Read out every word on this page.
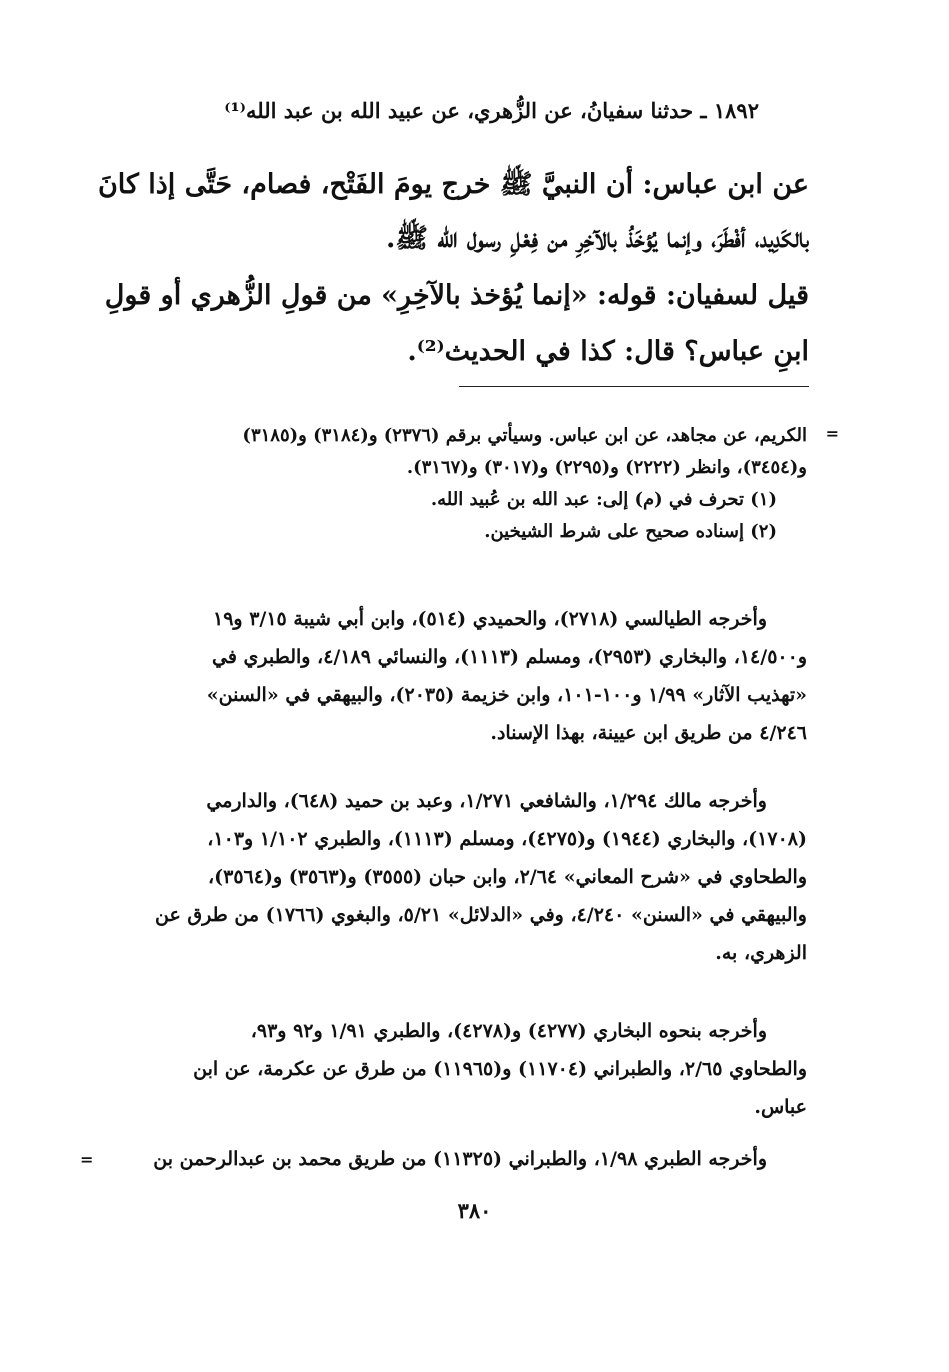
١٨٩٢ ـ حدثنا سفيانُ، عن الزُّهري، عن عبيد الله بن عبد الله⁽¹⁾
عن ابن عباس: أن النبيَّ ﷺ خرج يومَ الفَتْح، فصام، حَتَّى إذا كانَ
بالكَدِيد، أفْطَرَ، وإنما يُؤخَذُ بالآخِرِ من فِعْلِ رسول الله ﷺ.
قيل لسفيان: قوله: «إنما يُؤخذ بالآخِرِ» من قولِ الزُّهري أو قولِ
ابنِ عباس؟ قال: كذا في الحديث⁽²⁾.
=
الكريم، عن مجاهد، عن ابن عباس. وسيأتي برقم (٢٣٧٦) و(٣١٨٤) و(٣١٨٥)
و(٣٤٥٤)، وانظر (٢٢٢٢) و(٢٢٩٥) و(٣٠١٧) و(٣١٦٧).
(١) تحرف في (م) إلى: عبد الله بن عُبيد الله.
(٢) إسناده صحيح على شرط الشيخين.
وأخرجه الطيالسي (٢٧١٨)، والحميدي (٥١٤)، وابن أبي شيبة ٣/١٥ و١٩
و١٤/٥٠٠، والبخاري (٢٩٥٣)، ومسلم (١١١٣)، والنسائي ٤/١٨٩، والطبري في
«تهذيب الآثار» ١/٩٩ و١٠٠-١٠١، وابن خزيمة (٢٠٣٥)، والبيهقي في «السنن»
٤/٢٤٦ من طريق ابن عيينة، بهذا الإسناد.
وأخرجه مالك ١/٢٩٤، والشافعي ١/٢٧١، وعبد بن حميد (٦٤٨)، والدارمي
(١٧٠٨)، والبخاري (١٩٤٤) و(٤٢٧٥)، ومسلم (١١١٣)، والطبري ١/١٠٢ و١٠٣،
والطحاوي في «شرح المعاني» ٢/٦٤، وابن حبان (٣٥٥٥) و(٣٥٦٣) و(٣٥٦٤)،
والبيهقي في «السنن» ٤/٢٤٠، وفي «الدلائل» ٥/٢١، والبغوي (١٧٦٦) من طرق عن
الزهري، به.
وأخرجه بنحوه البخاري (٤٢٧٧) و(٤٢٧٨)، والطبري ١/٩١ و٩٢ و٩٣،
والطحاوي ٢/٦٥، والطبراني (١١٧٠٤) و(١١٩٦٥) من طرق عن عكرمة، عن ابن
عباس.
وأخرجه الطبري ١/٩٨، والطبراني (١١٣٢٥) من طريق محمد بن عبدالرحمن بن
=
٣٨٠
